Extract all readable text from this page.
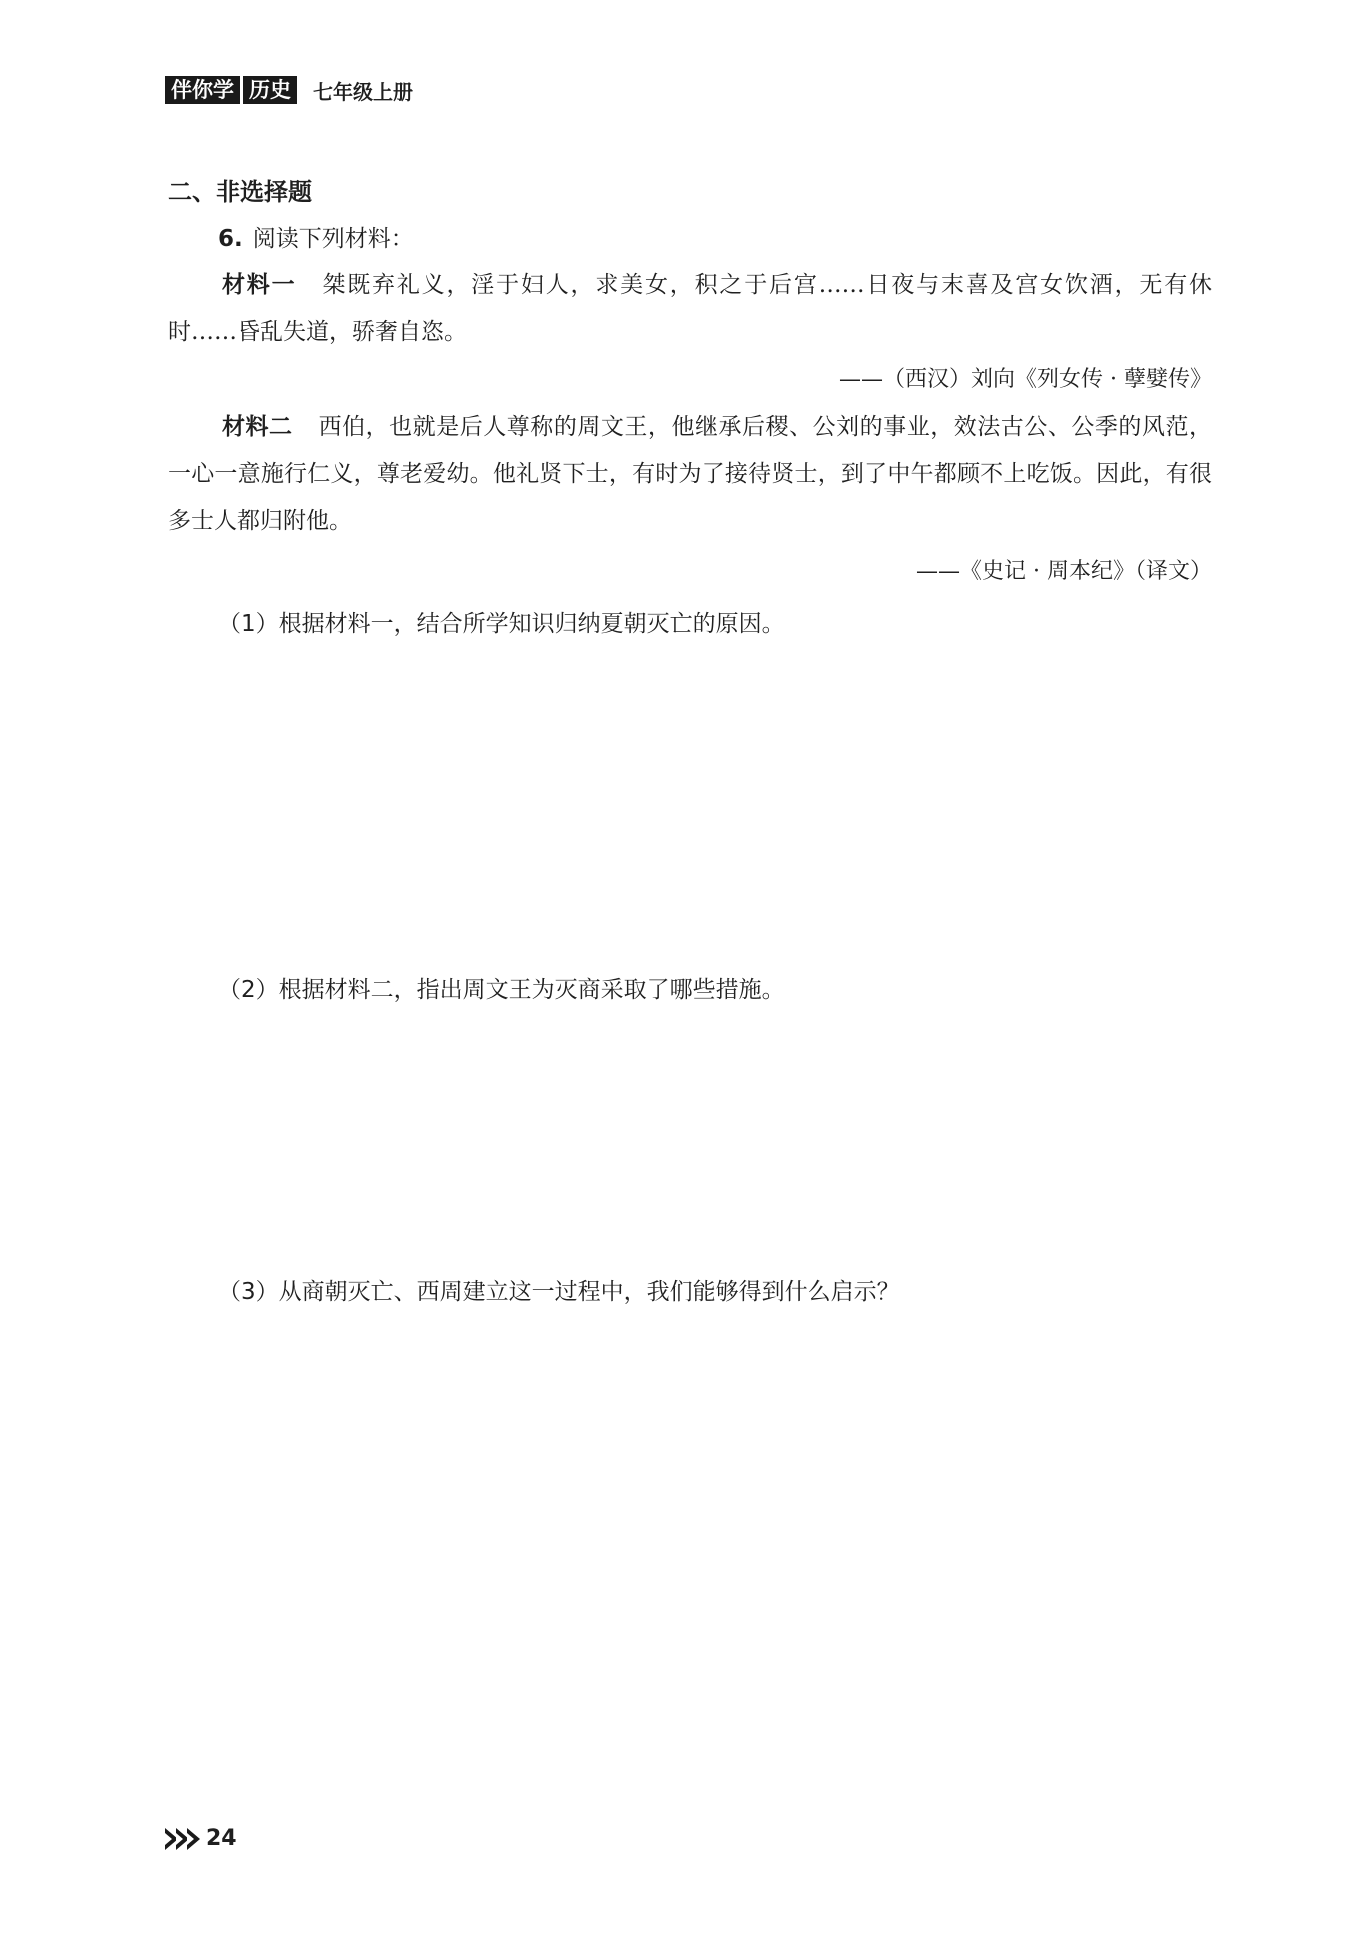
伴你学 历史	七年级上册
二、非选择题
6. 阅读下列材料：
材料一 桀既弃礼义，淫于妇人，求美女，积之于后宫……日夜与末喜及宫女饮酒，无有休时……昏乱失道，骄奢自恣。
——（西汉）刘向《列女传 · 孽嬖传》
材料二 西伯，也就是后人尊称的周文王，他继承后稷、公刘的事业，效法古公、公季的风范，一心一意施行仁义，尊老爱幼。他礼贤下士，有时为了接待贤士，到了中午都顾不上吃饭。因此，有很多士人都归附他。
——《史记 · 周本纪》（译文）
（1）根据材料一，结合所学知识归纳夏朝灭亡的原因。
（2）根据材料二，指出周文王为灭商采取了哪些措施。
（3）从商朝灭亡、西周建立这一过程中，我们能够得到什么启示？
24
